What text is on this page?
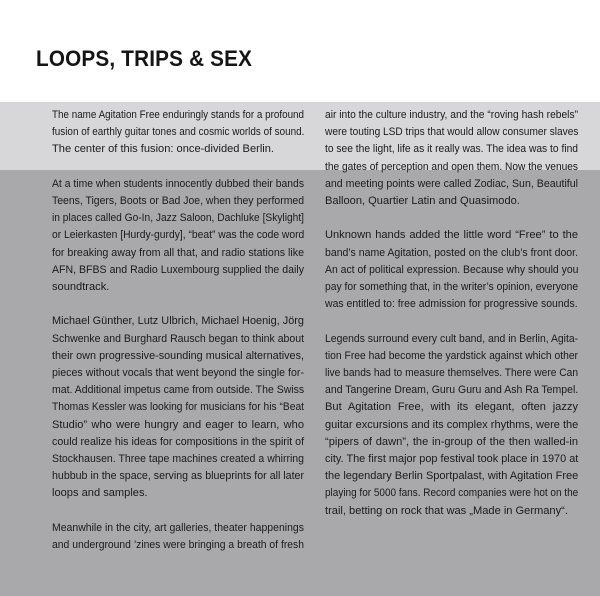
LOOPS, TRIPS & SEX

The name Agitation Free enduringly stands for a profound
fusion of earthly guitar tones and cosmic worlds of sound.
The center of this fusion: once-divided Berlin.

At a time when students innocently dubbed their bands
Teens, Tigers, Boots or Bad Joe, when they performed
in places called Go-In, Jazz Saloon, Dachluke [Skylight]
or Leierkasten [Hurdy-gurdy], “beat” was the code word
for breaking away from all that, and radio stations like
AFN, BFBS and Radio Luxembourg supplied the daily
soundtrack.

Michael Günther, Lutz Ulbrich, Michael Hoenig, Jörg
Schwenke and Burghard Rausch began to think about
their own progressive-sounding musical alternatives,
pieces without vocals that went beyond the single for-
mat. Additional impetus came from outside. The Swiss
Thomas Kessler was looking for musicians for his “Beat
Studio” who were hungry and eager to learn, who
could realize his ideas for compositions in the spirit of
Stockhausen. Three tape machines created a whirring
hubbub in the space, serving as blueprints for all later
loops and samples.

Meanwhile in the city, art galleries, theater happenings
and underground ’zines were bringing a breath of fresh

air into the culture industry, and the “roving hash rebels”
were touting LSD trips that would allow consumer slaves
to see the light, life as it really was. The idea was to find
the gates of perception and open them. Now the venues
and meeting points were called Zodiac, Sun, Beautiful
Balloon, Quartier Latin and Quasimodo.

Unknown hands added the little word “Free” to the
band’s name Agitation, posted on the club’s front door.
An act of political expression. Because why should you
pay for something that, in the writer’s opinion, everyone
was entitled to: free admission for progressive sounds.

Legends surround every cult band, and in Berlin, Agita-
tion Free had become the yardstick against which other
live bands had to measure themselves. There were Can
and Tangerine Dream, Guru Guru and Ash Ra Tempel.
But Agitation Free, with its elegant, often jazzy
guitar excursions and its complex rhythms, were the
“pipers of dawn”, the in-group of the then walled-in
city. The first major pop festival took place in 1970 at
the legendary Berlin Sportpalast, with Agitation Free
playing for 5000 fans. Record companies were hot on the
trail, betting on rock that was „Made in Germany“.
